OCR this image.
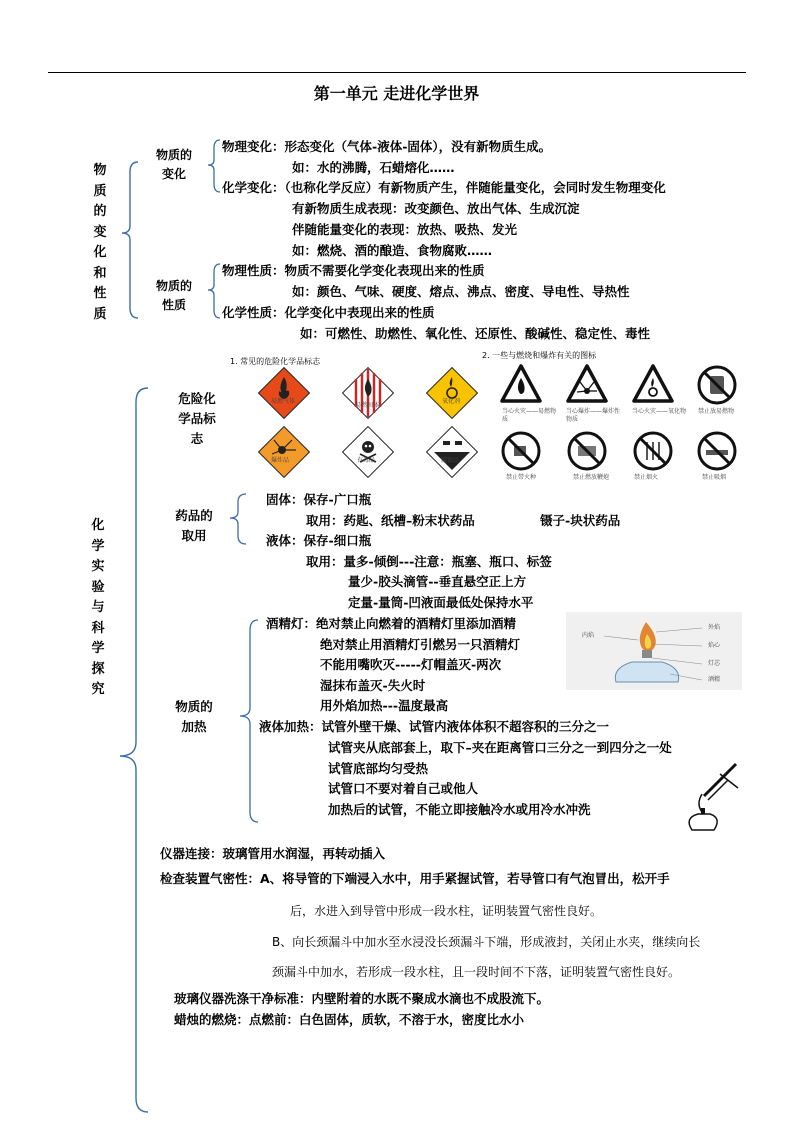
第一单元 走进化学世界
物质的变化和性质
物质的变化
物理变化：形态变化（气体-液体-固体），没有新物质生成。
如：水的沸腾，石蜡熔化……
化学变化：（也称化学反应）有新物质产生，伴随能量变化，会同时发生物理变化
有新物质生成表现：改变颜色、放出气体、生成沉淀
伴随能量变化的表现：放热、吸热、发光
如：燃烧、酒的酿造、食物腐败……
物质的性质
物理性质：物质不需要化学变化表现出来的性质
如：颜色、气味、硬度、熔点、沸点、密度、导电性、导热性
化学性质：化学变化中表现出来的性质
如：可燃性、助燃性、氧化性、还原性、酸碱性、稳定性、毒性
化学实验与科学探究
危险化学品标志
1. 常见的危险化学品标志
2. 一些与燃烧和爆炸有关的图标
易燃气体
易燃固体
氧化剂
爆炸品	有毒品	腐蚀品
当心火灾——易燃物质
当心爆炸——爆炸性物质
当心火灾——氧化物 禁止放易燃物
禁止带火种	禁止燃放鞭炮	禁止烟火	禁止吸烟
药品的取用
固体：保存-广口瓶
取用：药匙、纸槽–粉末状药品	镊子-块状药品
液体：保存-细口瓶
取用：量多-倾倒---注意：瓶塞、瓶口、标签
量少-胶头滴管--垂直悬空正上方
定量-量筒-凹液面最低处保持水平
物质的加热
酒精灯：绝对禁止向燃着的酒精灯里添加酒精
绝对禁止用酒精灯引燃另一只酒精灯
不能用嘴吹灭-----灯帽盖灭-两次
湿抹布盖灭-失火时
用外焰加热---温度最高
外焰
内焰
焰心
灯芯
酒精
液体加热：试管外壁干燥、试管内液体体积不超容积的三分之一
试管夹从底部套上，取下–夹在距离管口三分之一到四分之一处
试管底部均匀受热
试管口不要对着自己或他人
加热后的试管，不能立即接触冷水或用冷水冲洗
仪器连接：玻璃管用水润湿，再转动插入
检查装置气密性：A、将导管的下端浸入水中，用手紧握试管，若导管口有气泡冒出，松开手
后，水进入到导管中形成一段水柱，证明装置气密性良好。
B、向长颈漏斗中加水至水浸没长颈漏斗下端，形成液封，关闭止水夹，继续向长
颈漏斗中加水，若形成一段水柱，且一段时间不下落，证明装置气密性良好。
玻璃仪器洗涤干净标准：内壁附着的水既不聚成水滴也不成股流下。
蜡烛的燃烧：点燃前：白色固体，质软，不溶于水，密度比水小
